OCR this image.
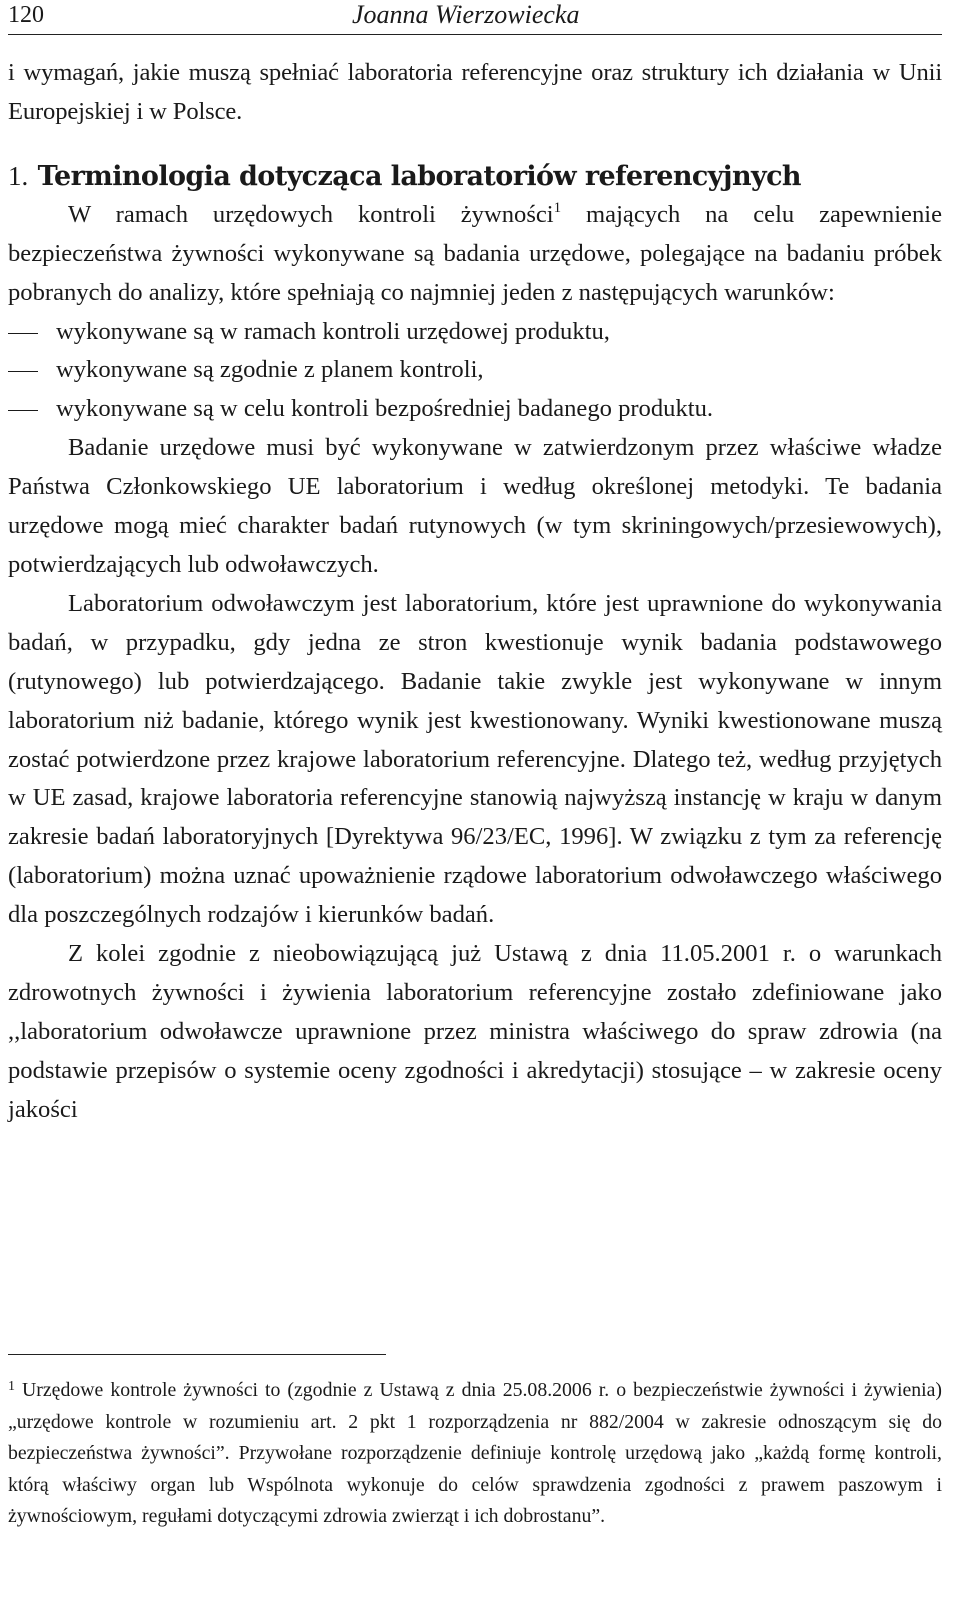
120	Joanna Wierzowiecka

i wymagań, jakie muszą spełniać laboratoria referencyjne oraz struktury ich działania w Unii Europejskiej i w Polsce.

1. Terminologia dotycząca laboratoriów referencyjnych

W ramach urzędowych kontroli żywności$^1$ mających na celu zapewnienie bezpieczeństwa żywności wykonywane są badania urzędowe, polegające na badaniu próbek pobranych do analizy, które spełniają co najmniej jeden z następujących warunków:

wykonywane są w ramach kontroli urzędowej produktu,
wykonywane są zgodnie z planem kontroli,
wykonywane są w celu kontroli bezpośredniej badanego produktu.

Badanie urzędowe musi być wykonywane w zatwierdzonym przez właściwe władze Państwa Członkowskiego UE laboratorium i według określonej metodyki. Te badania urzędowe mogą mieć charakter badań rutynowych (w tym skriningowych/przesiewowych), potwierdzających lub odwoławczych.

Laboratorium odwoławczym jest laboratorium, które jest uprawnione do wykonywania badań, w przypadku, gdy jedna ze stron kwestionuje wynik badania podstawowego (rutynowego) lub potwierdzającego. Badanie takie zwykle jest wykonywane w innym laboratorium niż badanie, którego wynik jest kwestionowany. Wyniki kwestionowane muszą zostać potwierdzone przez krajowe laboratorium referencyjne. Dlatego też, według przyjętych w UE zasad, krajowe laboratoria referencyjne stanowią najwyższą instancję w kraju w danym zakresie badań laboratoryjnych [Dyrektywa 96/23/EC, 1996]. W związku z tym za referencję (laboratorium) można uznać upoważnienie rządowe laboratorium odwoławczego właściwego dla poszczególnych rodzajów i kierunków badań.

Z kolei zgodnie z nieobowiązującą już Ustawą z dnia 11.05.2001 r. o warunkach zdrowotnych żywności i żywienia laboratorium referencyjne zostało zdefiniowane jako ,,laboratorium odwoławcze uprawnione przez ministra właściwego do spraw zdrowia (na podstawie przepisów o systemie oceny zgodności i akredytacji) stosujące – w zakresie oceny jakości

$^1$ Urzędowe kontrole żywności to (zgodnie z Ustawą z dnia 25.08.2006 r. o bezpieczeństwie żywności i żywienia) „urzędowe kontrole w rozumieniu art. 2 pkt 1 rozporządzenia nr 882/2004 w zakresie odnoszącym się do bezpieczeństwa żywności”. Przywołane rozporządzenie definiuje kontrolę urzędową jako „każdą formę kontroli, którą właściwy organ lub Wspólnota wykonuje do celów sprawdzenia zgodności z prawem paszowym i żywnościowym, regułami dotyczącymi zdrowia zwierząt i ich dobrostanu”.
